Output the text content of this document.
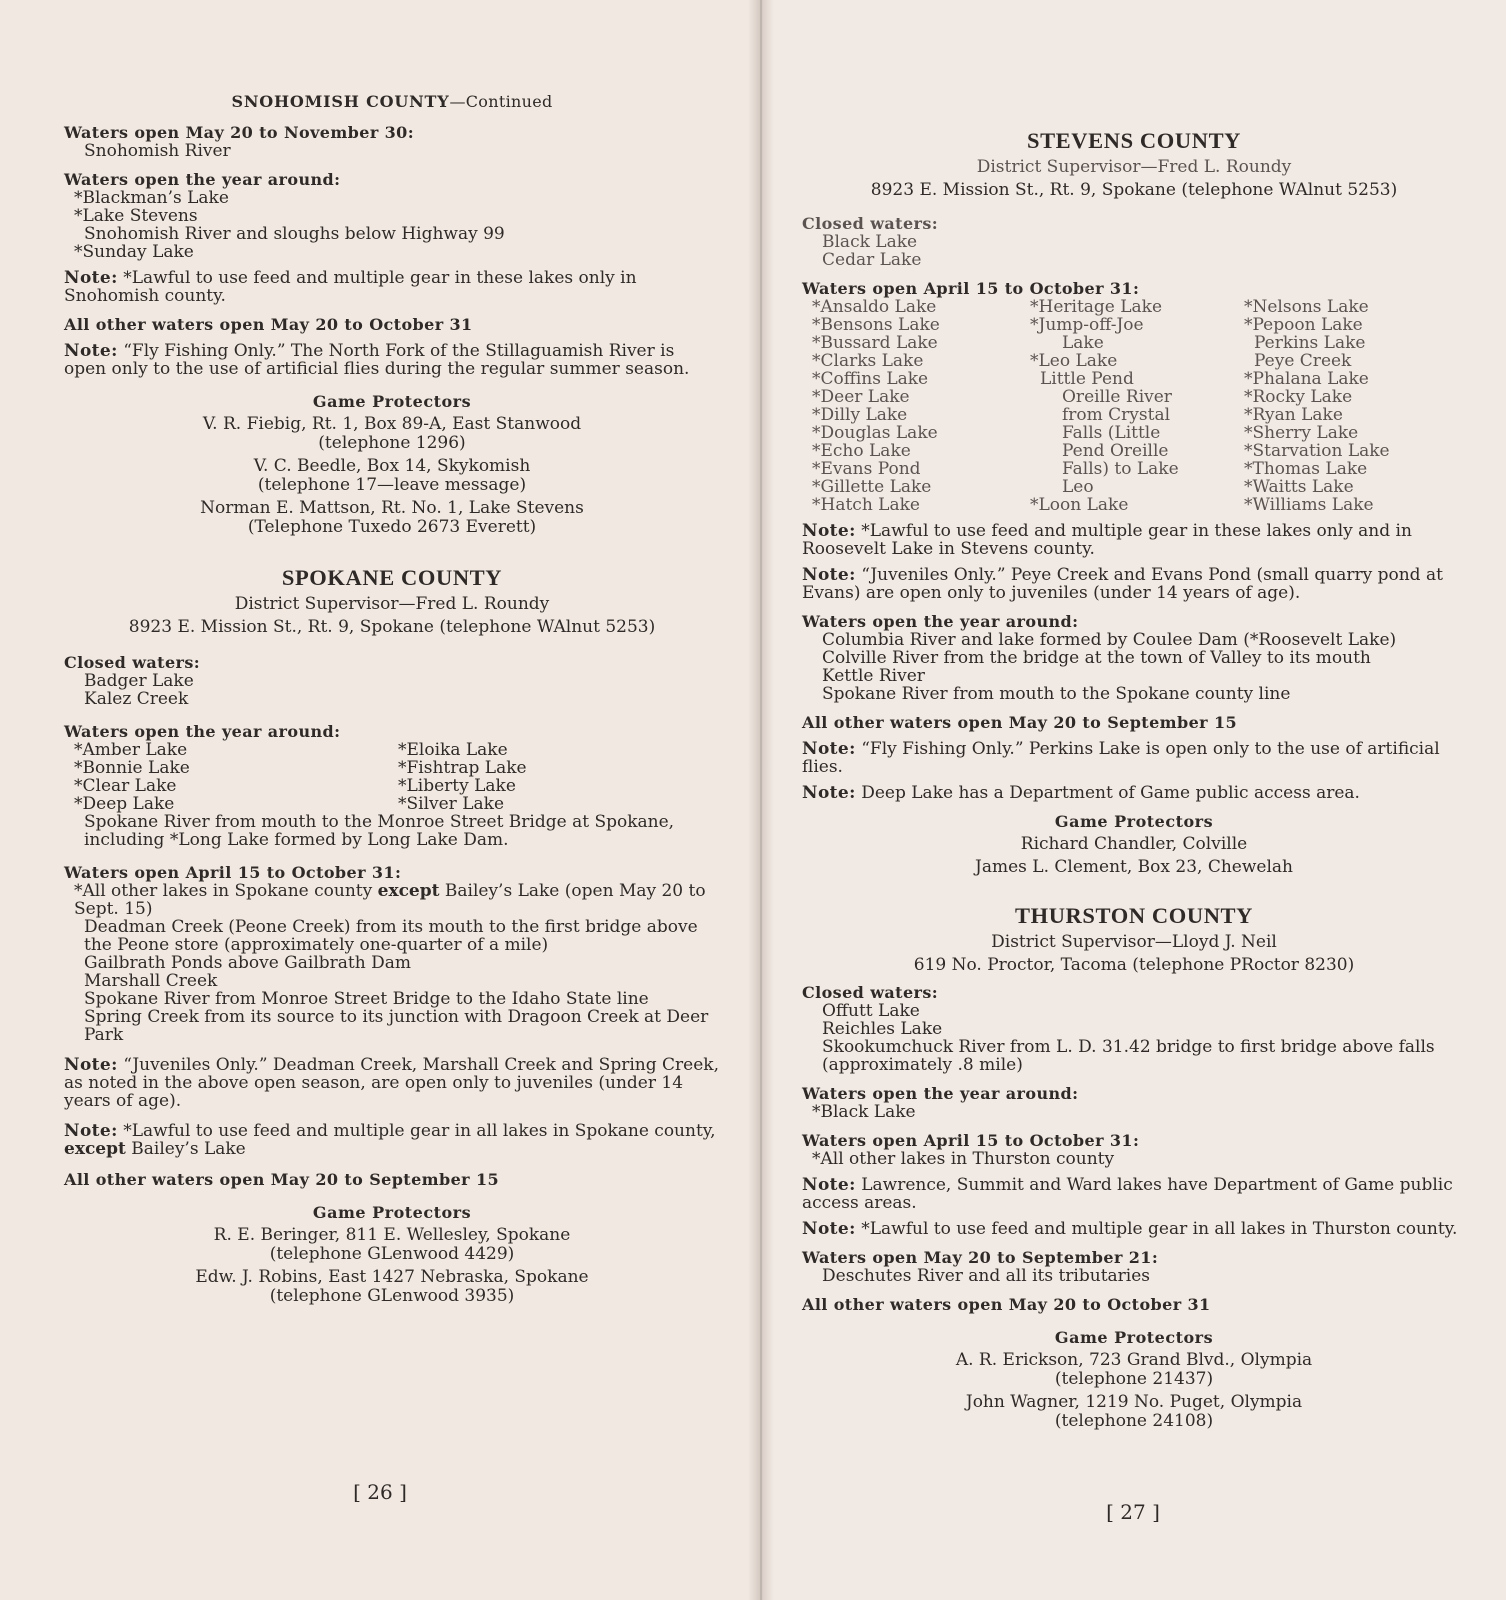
SNOHOMISH COUNTY—Continued
Waters open May 20 to November 30:
Snohomish River
Waters open the year around:
*Blackman’s Lake
*Lake Stevens
Snohomish River and sloughs below Highway 99
*Sunday Lake
Note: *Lawful to use feed and multiple gear in these lakes only in Snohomish county.
All other waters open May 20 to October 31
Note: “Fly Fishing Only.” The North Fork of the Stillaguamish River is open only to the use of artificial flies during the regular summer season.
Game Protectors
V. R. Fiebig, Rt. 1, Box 89-A, East Stanwood
(telephone 1296)
V. C. Beedle, Box 14, Skykomish
(telephone 17—leave message)
Norman E. Mattson, Rt. No. 1, Lake Stevens
(Telephone Tuxedo 2673 Everett)
SPOKANE COUNTY
District Supervisor—Fred L. Roundy
8923 E. Mission St., Rt. 9, Spokane (telephone WAlnut 5253)
Closed waters:
Badger Lake
Kalez Creek
Waters open the year around:
*Amber Lake
*Bonnie Lake
*Clear Lake
*Deep Lake
*Eloika Lake
*Fishtrap Lake
*Liberty Lake
*Silver Lake
Spokane River from mouth to the Monroe Street Bridge at Spokane, including *Long Lake formed by Long Lake Dam.
Waters open April 15 to October 31:
*All other lakes in Spokane county except Bailey’s Lake (open May 20 to Sept. 15)
Deadman Creek (Peone Creek) from its mouth to the first bridge above the Peone store (approximately one-quarter of a mile)
Gailbrath Ponds above Gailbrath Dam
Marshall Creek
Spokane River from Monroe Street Bridge to the Idaho State line
Spring Creek from its source to its junction with Dragoon Creek at Deer Park
Note: “Juveniles Only.” Deadman Creek, Marshall Creek and Spring Creek, as noted in the above open season, are open only to juveniles (under 14 years of age).
Note: *Lawful to use feed and multiple gear in all lakes in Spokane county, except Bailey’s Lake
All other waters open May 20 to September 15
Game Protectors
R. E. Beringer, 811 E. Wellesley, Spokane
(telephone GLenwood 4429)
Edw. J. Robins, East 1427 Nebraska, Spokane
(telephone GLenwood 3935)
[ 26 ]
STEVENS COUNTY
District Supervisor—Fred L. Roundy
8923 E. Mission St., Rt. 9, Spokane (telephone WAlnut 5253)
Closed waters:
Black Lake
Cedar Lake
Waters open April 15 to October 31:
*Ansaldo Lake
*Bensons Lake
*Bussard Lake
*Clarks Lake
*Coffins Lake
*Deer Lake
*Dilly Lake
*Douglas Lake
*Echo Lake
*Evans Pond
*Gillette Lake
*Hatch Lake
*Heritage Lake
*Jump-off-Joe
Lake
*Leo Lake
Little Pend
Oreille River
from Crystal
Falls (Little
Pend Oreille
Falls) to Lake
Leo
*Loon Lake
*Nelsons Lake
*Pepoon Lake
Perkins Lake
Peye Creek
*Phalana Lake
*Rocky Lake
*Ryan Lake
*Sherry Lake
*Starvation Lake
*Thomas Lake
*Waitts Lake
*Williams Lake
Note: *Lawful to use feed and multiple gear in these lakes only and in Roosevelt Lake in Stevens county.
Note: “Juveniles Only.” Peye Creek and Evans Pond (small quarry pond at Evans) are open only to juveniles (under 14 years of age).
Waters open the year around:
Columbia River and lake formed by Coulee Dam (*Roosevelt Lake)
Colville River from the bridge at the town of Valley to its mouth
Kettle River
Spokane River from mouth to the Spokane county line
All other waters open May 20 to September 15
Note: “Fly Fishing Only.” Perkins Lake is open only to the use of artificial flies.
Note: Deep Lake has a Department of Game public access area.
Game Protectors
Richard Chandler, Colville
James L. Clement, Box 23, Chewelah
THURSTON COUNTY
District Supervisor—Lloyd J. Neil
619 No. Proctor, Tacoma (telephone PRoctor 8230)
Closed waters:
Offutt Lake
Reichles Lake
Skookumchuck River from L. D. 31.42 bridge to first bridge above falls (approximately .8 mile)
Waters open the year around:
*Black Lake
Waters open April 15 to October 31:
*All other lakes in Thurston county
Note: Lawrence, Summit and Ward lakes have Department of Game public access areas.
Note: *Lawful to use feed and multiple gear in all lakes in Thurston county.
Waters open May 20 to September 21:
Deschutes River and all its tributaries
All other waters open May 20 to October 31
Game Protectors
A. R. Erickson, 723 Grand Blvd., Olympia
(telephone 21437)
John Wagner, 1219 No. Puget, Olympia
(telephone 24108)
[ 27 ]
